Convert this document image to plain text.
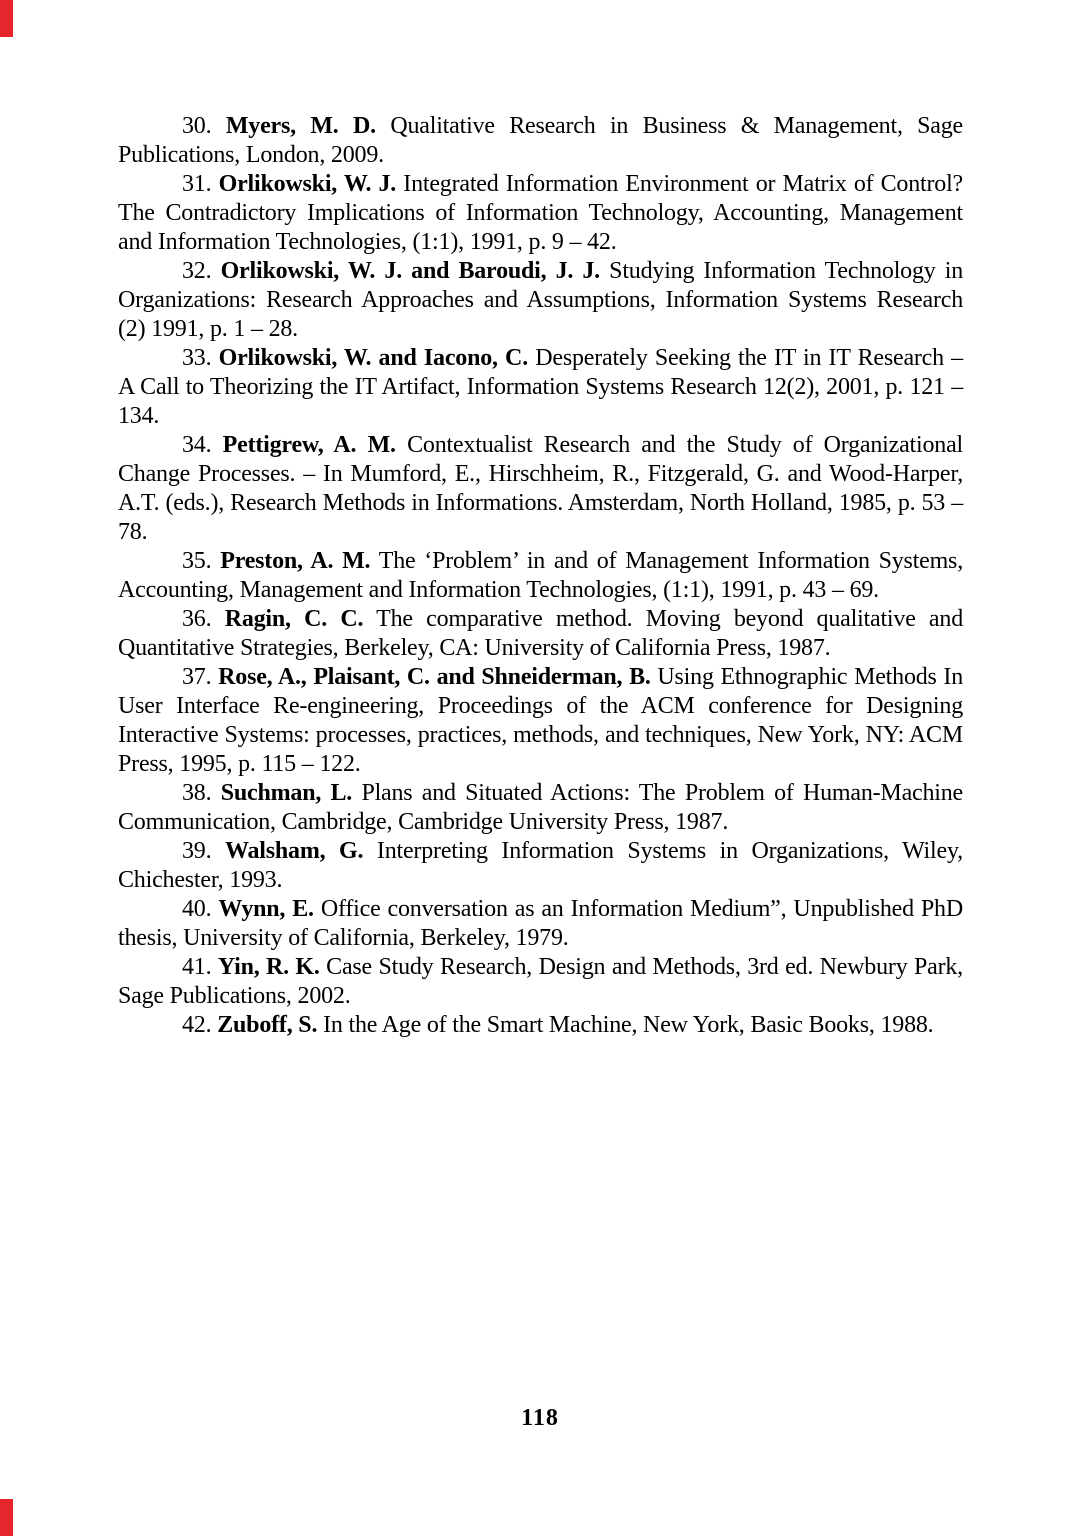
30. Myers, M. D. Qualitative Research in Business & Management, Sage Publications, London, 2009.

31. Orlikowski, W. J. Integrated Information Environment or Matrix of Control? The Contradictory Implications of Information Technology, Accounting, Management and Information Technologies, (1:1), 1991, p. 9 – 42.

32. Orlikowski, W. J. and Baroudi, J. J. Studying Information Technology in Organizations: Research Approaches and Assumptions, Information Systems Research (2) 1991, p. 1 – 28.

33. Orlikowski, W. and Iacono, C. Desperately Seeking the IT in IT Research – A Call to Theorizing the IT Artifact, Information Systems Research 12(2), 2001, p. 121 – 134.

34. Pettigrew, A. M. Contextualist Research and the Study of Organizational Change Processes. – In Mumford, E., Hirschheim, R., Fitzgerald, G. and Wood-Harper, A.T. (eds.), Research Methods in Informations. Amsterdam, North Holland, 1985, p. 53 – 78.

35. Preston, A. M. The ‘Problem’ in and of Management Information Systems, Accounting, Management and Information Technologies, (1:1), 1991, p. 43 – 69.

36. Ragin, C. C. The comparative method. Moving beyond qualitative and Quantitative Strategies, Berkeley, CA: University of California Press, 1987.

37. Rose, A., Plaisant, C. and Shneiderman, B. Using Ethnographic Methods In User Interface Re-engineering, Proceedings of the ACM conference for Designing Interactive Systems: processes, practices, methods, and techniques, New York, NY: ACM Press, 1995, p. 115 – 122.

38. Suchman, L. Plans and Situated Actions: The Problem of Human-Machine Communication, Cambridge, Cambridge University Press, 1987.

39. Walsham, G. Interpreting Information Systems in Organizations, Wiley, Chichester, 1993.

40. Wynn, E. Office conversation as an Information Medium”, Unpublished PhD thesis, University of California, Berkeley, 1979.

41. Yin, R. K. Case Study Research, Design and Methods, 3rd ed. Newbury Park, Sage Publications, 2002.

42. Zuboff, S. In the Age of the Smart Machine, New York, Basic Books, 1988.

118
